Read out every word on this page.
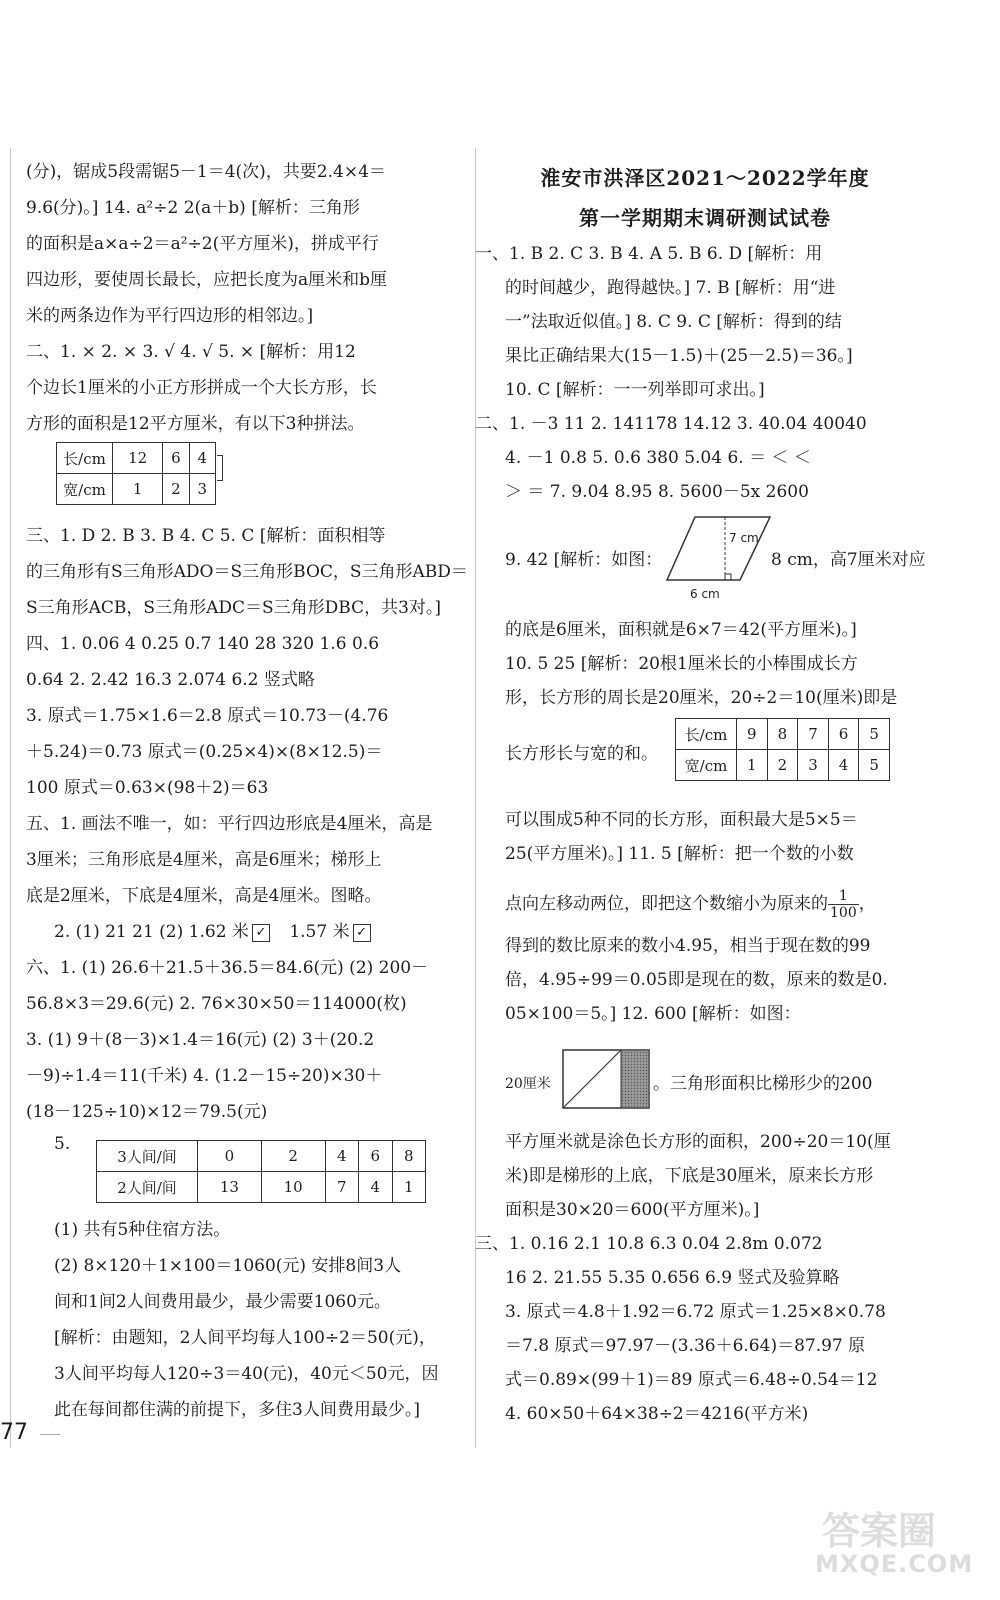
(分)，锯成5段需锯5－1＝4(次)，共要2.4×4＝
9.6(分)。] 14. a²÷2 2(a＋b) [解析：三角形
的面积是a×a÷2＝a²÷2(平方厘米)，拼成平行
四边形，要使周长最长，应把长度为a厘米和b厘
米的两条边作为平行四边形的相邻边。]
二、1. × 2. × 3. √ 4. √ 5. × [解析：用12
个边长1厘米的小正方形拼成一个大长方形，长
方形的面积是12平方厘米，有以下3种拼法。
长/cm	12	6	4
宽/cm	1	2	3
三、1. D 2. B 3. B 4. C 5. C [解析：面积相等
的三角形有S三角形ADO＝S三角形BOC，S三角形ABD＝
S三角形ACB，S三角形ADC＝S三角形DBC，共3对。]
四、1. 0.06 4 0.25 0.7 140 28 320 1.6 0.6
0.64 2. 2.42 16.3 2.074 6.2 竖式略
3. 原式＝1.75×1.6＝2.8 原式＝10.73－(4.76
＋5.24)＝0.73 原式＝(0.25×4)×(8×12.5)＝
100 原式＝0.63×(98＋2)＝63
五、1. 画法不唯一，如：平行四边形底是4厘米，高是
3厘米；三角形底是4厘米，高是6厘米；梯形上
底是2厘米，下底是4厘米，高是4厘米。图略。
2. (1) 21 21 (2) 1.62 米 ✓ 1.57 米 ✓
六、1. (1) 26.6＋21.5＋36.5＝84.6(元) (2) 200－
56.8×3＝29.6(元) 2. 76×30×50＝114000(枚)
3. (1) 9＋(8－3)×1.4＝16(元) (2) 3＋(20.2
－9)÷1.4＝11(千米) 4. (1.2－15÷20)×30＋
(18－125÷10)×12＝79.5(元)
5.
3人间/间	0	2	4	6	8
2人间/间	13	10	7	4	1
(1) 共有5种住宿方法。
(2) 8×120＋1×100＝1060(元) 安排8间3人
间和1间2人间费用最少，最少需要1060元。
[解析：由题知，2人间平均每人100÷2＝50(元)，
3人间平均每人120÷3＝40(元)，40元＜50元，因
此在每间都住满的前提下，多住3人间费用最少。]
淮安市洪泽区2021～2022学年度
第一学期期末调研测试试卷
一、1. B 2. C 3. B 4. A 5. B 6. D [解析：用
的时间越少，跑得越快。] 7. B [解析：用“进
一”法取近似值。] 8. C 9. C [解析：得到的结
果比正确结果大(15－1.5)＋(25－2.5)＝36。]
10. C [解析：一一列举即可求出。]
二、1. －3 11 2. 141178 14.12 3. 40.04 40040
4. －1 0.8 5. 0.6 380 5.04 6. ＝ ＜ ＜
＞ ＝ 7. 9.04 8.95 8. 5600－5x 2600
9. 42 [解析：如图：
7 cm
6 cm
8 cm，高7厘米对应
的底是6厘米，面积就是6×7＝42(平方厘米)。]
10. 5 25 [解析：20根1厘米长的小棒围成长方
形，长方形的周长是20厘米，20÷2＝10(厘米)即是
长方形长与宽的和。
长/cm	9	8	7	6	5
宽/cm	1	2	3	4	5
可以围成5种不同的长方形，面积最大是5×5＝
25(平方厘米)。] 11. 5 [解析：把一个数的小数
点向左移动两位，即把这个数缩小为原来的 $\frac{1}{100}$ ，
得到的数比原来的数小4.95，相当于现在数的99
倍，4.95÷99＝0.05即是现在的数，原来的数是0.
05×100＝5。] 12. 600 [解析：如图：
20厘米	。三角形面积比梯形少的200
平方厘米就是涂色长方形的面积，200÷20＝10(厘
米)即是梯形的上底，下底是30厘米，原来长方形
面积是30×20＝600(平方厘米)。]
三、1. 0.16 2.1 10.8 6.3 0.04 2.8m 0.072
16 2. 21.55 5.35 0.656 6.9 竖式及验算略
3. 原式＝4.8＋1.92＝6.72 原式＝1.25×8×0.78
＝7.8 原式＝97.97－(3.36＋6.64)＝87.97 原
式＝0.89×(99＋1)＝89 原式＝6.48÷0.54＝12
4. 60×50＋64×38÷2＝4216(平方米)
77
答案圈
MXQE.COM
